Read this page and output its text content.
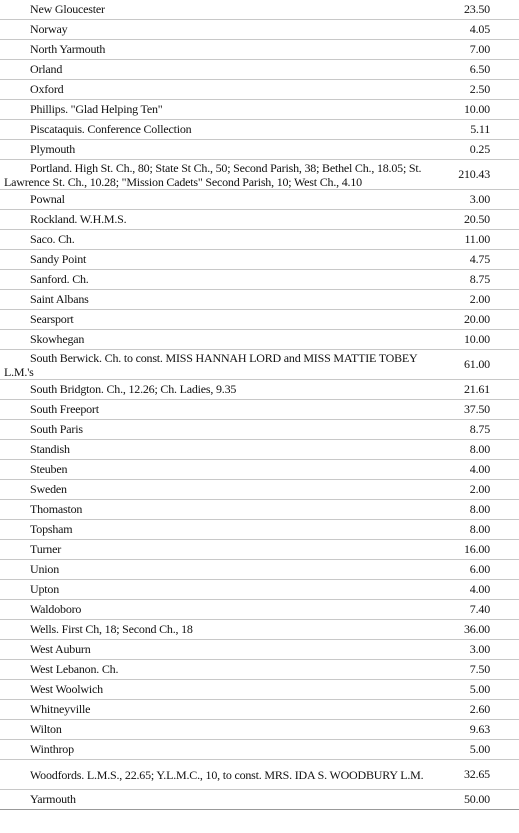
New Gloucester	23.50
Norway	4.05
North Yarmouth	7.00
Orland	6.50
Oxford	2.50
Phillips. "Glad Helping Ten"	10.00
Piscataquis. Conference Collection	5.11
Plymouth	0.25
Portland. High St. Ch., 80; State St Ch., 50; Second Parish, 38; Bethel Ch., 18.05; St. Lawrence St. Ch., 10.28; "Mission Cadets" Second Parish, 10; West Ch., 4.10	210.43
Pownal	3.00
Rockland. W.H.M.S.	20.50
Saco. Ch.	11.00
Sandy Point	4.75
Sanford. Ch.	8.75
Saint Albans	2.00
Searsport	20.00
Skowhegan	10.00
South Berwick. Ch. to const. MISS HANNAH LORD and MISS MATTIE TOBEY L.M.'s	61.00
South Bridgton. Ch., 12.26; Ch. Ladies, 9.35	21.61
South Freeport	37.50
South Paris	8.75
Standish	8.00
Steuben	4.00
Sweden	2.00
Thomaston	8.00
Topsham	8.00
Turner	16.00
Union	6.00
Upton	4.00
Waldoboro	7.40
Wells. First Ch, 18; Second Ch., 18	36.00
West Auburn	3.00
West Lebanon. Ch.	7.50
West Woolwich	5.00
Whitneyville	2.60
Wilton	9.63
Winthrop	5.00
Woodfords. L.M.S., 22.65; Y.L.M.C., 10, to const. MRS. IDA S. WOODBURY L.M.	32.65
Yarmouth	50.00
